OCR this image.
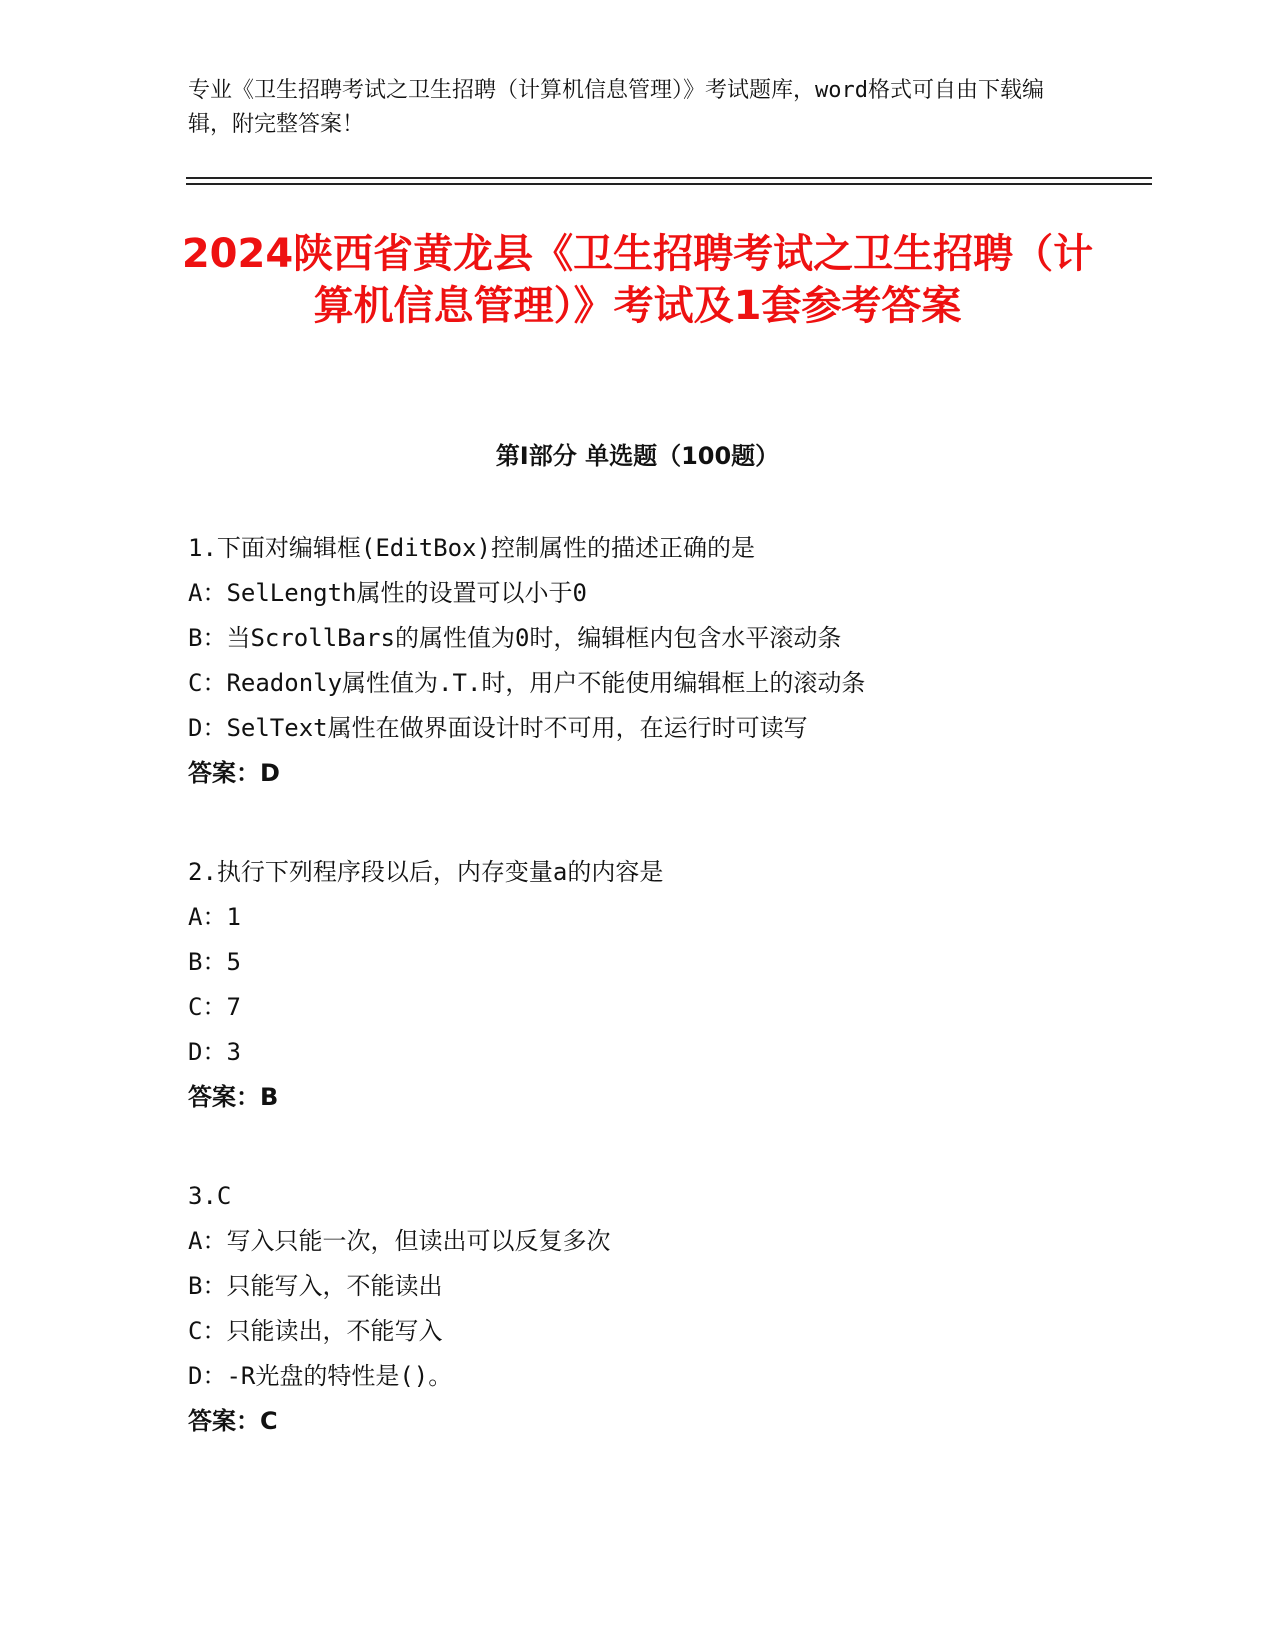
专业《卫生招聘考试之卫生招聘（计算机信息管理）》考试题库，word格式可自由下载编辑，附完整答案！
2024陕西省黄龙县《卫生招聘考试之卫生招聘（计算机信息管理）》考试及1套参考答案
第I部分 单选题（100题）
1.下面对编辑框(EditBox)控制属性的描述正确的是
A：SelLength属性的设置可以小于0
B：当ScrollBars的属性值为0时，编辑框内包含水平滚动条
C：Readonly属性值为.T.时，用户不能使用编辑框上的滚动条
D：SelText属性在做界面设计时不可用，在运行时可读写
答案：D
2.执行下列程序段以后，内存变量a的内容是
A：1
B：5
C：7
D：3
答案：B
3.C
A：写入只能一次，但读出可以反复多次
B：只能写入，不能读出
C：只能读出，不能写入
D：-R光盘的特性是()。
答案：C
